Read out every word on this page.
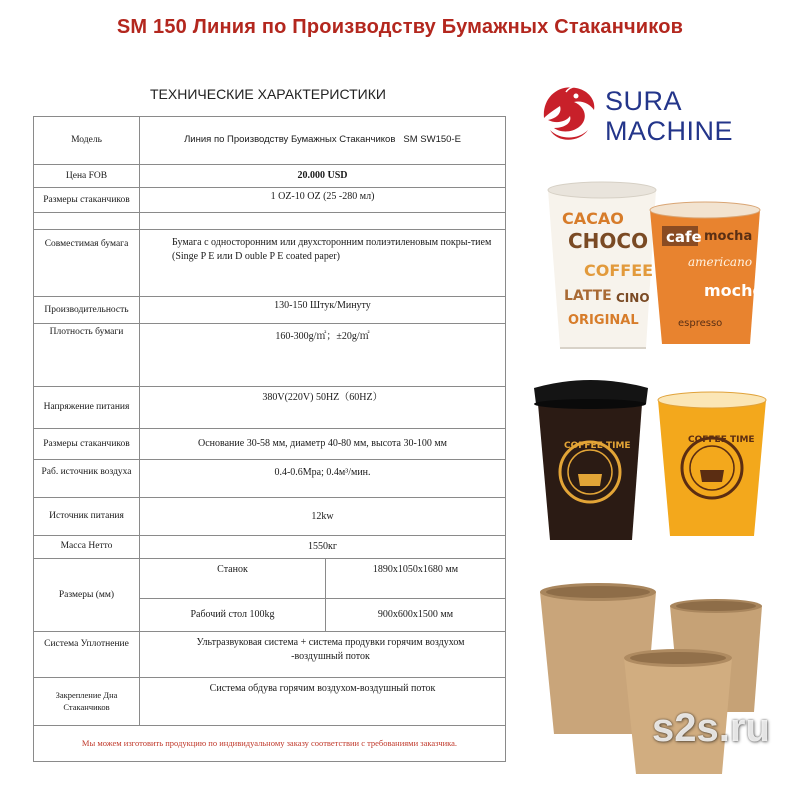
SM 150 Линия по Производству Бумажных Стаканчиков
ТЕХНИЧЕСКИЕ ХАРАКТЕРИСТИКИ
Модель	Линия по Производству Бумажных Стаканчиков SM SW150-E	
Цена FOB	20.000 USD	
Размеры стаканчиков	1 OZ-10 OZ (25 -280 мл)	

Совместимая бумага	Бумага с односторонним или двухсторонним полиэтиленовым покры-тием (Singe P E или D ouble P E coated paper)	
Производительность	130-150 Штук/Минуту	
Плотность бумаги	160-300g/㎡；±20g/㎡	
Напряжение питания	380V(220V) 50HZ（60HZ）	
Размеры стаканчиков	Основание 30-58 мм, диаметр 40-80 мм, высота 30-100 мм	
Раб. источник воздуха	0.4-0.6Mpa; 0.4м³/мин.	
Источник питания	12kw	
Масса Нетто	1550кг	
Размеры (мм)	Станок	1890x1050x1680 мм
	Рабочий стол 100kg	900x600x1500 мм
Система Уплотнение	Ультразвуковая система + система продувки горячим воздухом -воздушный поток	
Закрепление Дна Стаканчиков	Система обдува горячим воздухом-воздушный поток	
Мы можем изготовить продукцию по индивидуальному заказу соответствии с требованиями заказчика.		
SURA
MACHINE
CACAO
CHOCO
COFFEE
LATTE
ORIGINAL
CINO
cafe mocha
americano
mocho
espresso
COFFEE TIME
COFFEE TIME
s2s.ru
